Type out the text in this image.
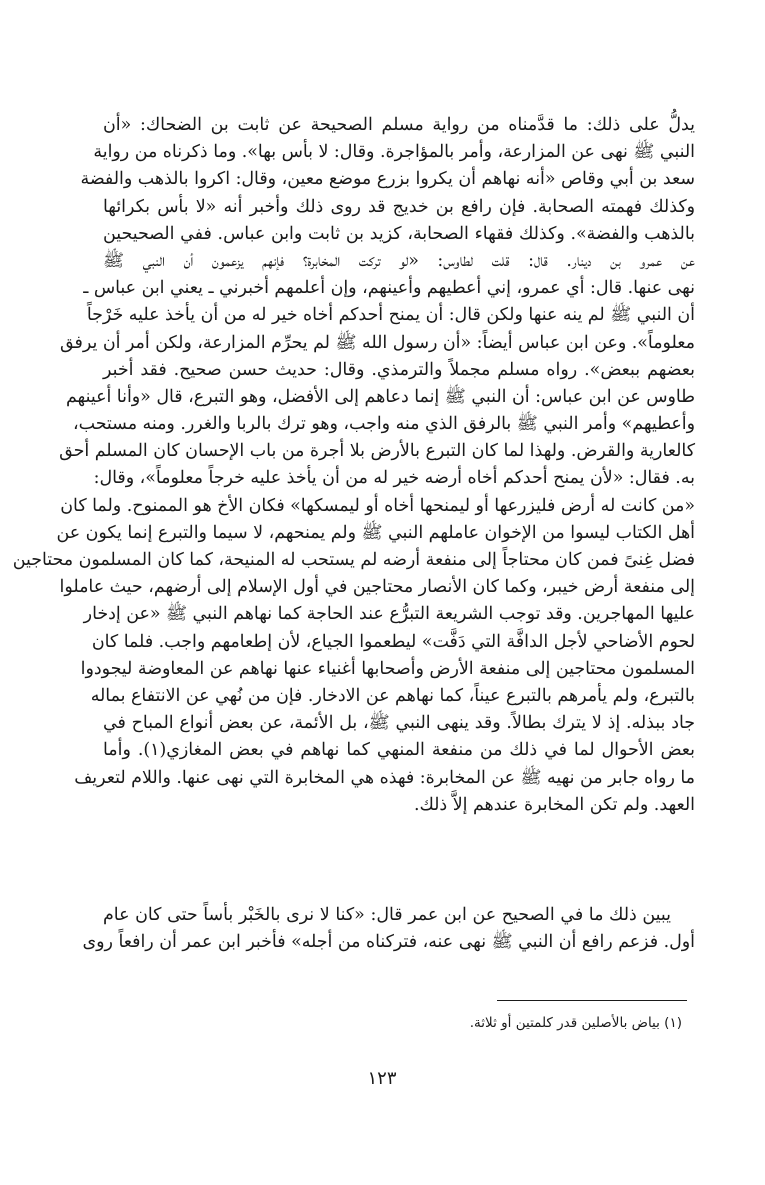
يدلُّ على ذلك: ما قدَّمناه من رواية مسلم الصحيحة عن ثابت بن الضحاك: «أن
النبي ﷺ نهى عن المزارعة، وأمر بالمؤاجرة. وقال: لا بأس بها». وما ذكرناه من رواية
سعد بن أبي وقاص «أنه نهاهم أن يكروا بزرع موضع معين، وقال: اكروا بالذهب والفضة
وكذلك فهمته الصحابة. فإن رافع بن خديج قد روى ذلك وأخبر أنه «لا بأس بكرائها
بالذهب والفضة». وكذلك فقهاء الصحابة، كزيد بن ثابت وابن عباس. ففي الصحيحين
عن عمرو بن دينار. قال: قلت لطاوس: «لو تركت المخابرة؟ فإنهم يزعمون أن النبي ﷺ
نهى عنها. قال: أي عمرو، إني أعطيهم وأعينهم، وإن أعلمهم أخبرني ـ يعني ابن عباس ـ
أن النبي ﷺ لم ينه عنها ولكن قال: أن يمنح أحدكم أخاه خير له من أن يأخذ عليه خَرْجاً
معلوماً». وعن ابن عباس أيضاً: «أن رسول الله ﷺ لم يحرِّم المزارعة، ولكن أمر أن يرفق
بعضهم ببعض». رواه مسلم مجملاً والترمذي. وقال: حديث حسن صحيح. فقد أخبر
طاوس عن ابن عباس: أن النبي ﷺ إنما دعاهم إلى الأفضل، وهو التبرع، قال «وأنا أعينهم
وأعطيهم» وأمر النبي ﷺ بالرفق الذي منه واجب، وهو ترك بالربا والغرر. ومنه مستحب،
كالعارية والقرض. ولهذا لما كان التبرع بالأرض بلا أجرة من باب الإحسان كان المسلم أحق
به. فقال: «لأن يمنح أحدكم أخاه أرضه خير له من أن يأخذ عليه خرجاً معلوماً»، وقال:
«من كانت له أرض فليزرعها أو ليمنحها أخاه أو ليمسكها» فكان الأخ هو الممنوح. ولما كان
أهل الكتاب ليسوا من الإخوان عاملهم النبي ﷺ ولم يمنحهم، لا سيما والتبرع إنما يكون عن
فضل غِنىً فمن كان محتاجاً إلى منفعة أرضه لم يستحب له المنيحة، كما كان المسلمون محتاجين
إلى منفعة أرض خيبر، وكما كان الأنصار محتاجين في أول الإسلام إلى أرضهم، حيث عاملوا
عليها المهاجرين. وقد توجب الشريعة التبرُّع عند الحاجة كما نهاهم النبي ﷺ «عن إدخار
لحوم الأضاحي لأجل الدافَّة التي دَفَّت» ليطعموا الجياع، لأن إطعامهم واجب. فلما كان
المسلمون محتاجين إلى منفعة الأرض وأصحابها أغنياء عنها نهاهم عن المعاوضة ليجودوا
بالتبرع، ولم يأمرهم بالتبرع عيناً، كما نهاهم عن الادخار. فإن من نُهي عن الانتفاع بماله
جاد ببذله. إذ لا يترك بطالاً. وقد ينهى النبي ﷺ، بل الأئمة، عن بعض أنواع المباح في
بعض الأحوال لما في ذلك من منفعة المنهي كما نهاهم في بعض المغازي(١). وأما
ما رواه جابر من نهيه ﷺ عن المخابرة: فهذه هي المخابرة التي نهى عنها. واللام لتعريف
العهد. ولم تكن المخابرة عندهم إلاَّ ذلك.
يبين ذلك ما في الصحيح عن ابن عمر قال: «كنا لا نرى بالخَبْر بأساً حتى كان عام
أول. فزعم رافع أن النبي ﷺ نهى عنه، فتركناه من أجله» فأخبر ابن عمر أن رافعاً روى
(١) بياض بالأصلين قدر كلمتين أو ثلاثة.
١٢٣
